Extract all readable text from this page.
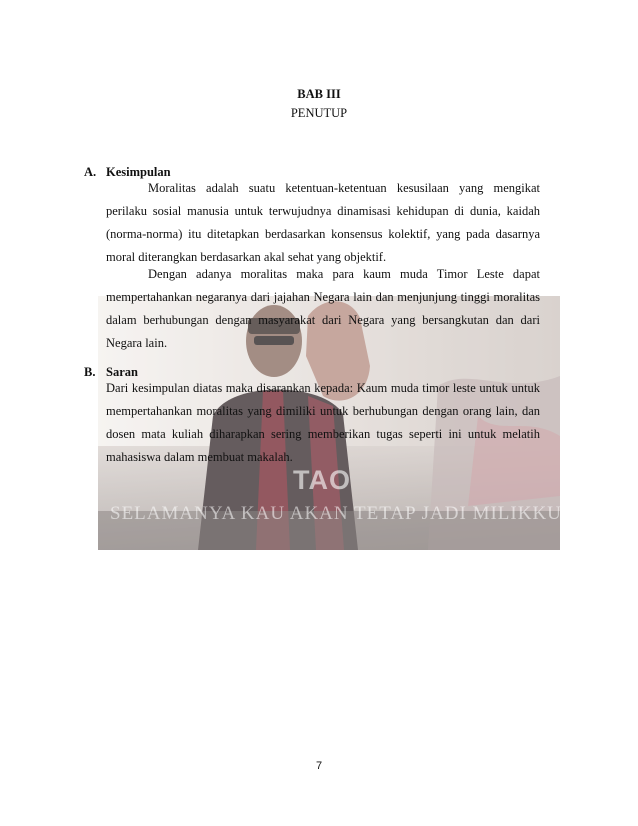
TAO
SELAMANYA KAU AKAN TETAP JADI MILIKKU
BAB III
PENUTUP
A. Kesimpulan
Moralitas adalah suatu ketentuan-ketentuan kesusilaan yang mengikat perilaku sosial manusia untuk terwujudnya dinamisasi kehidupan di dunia, kaidah (norma-norma) itu ditetapkan berdasarkan konsensus kolektif, yang pada dasarnya moral diterangkan berdasarkan akal sehat yang objektif.
Dengan adanya moralitas maka para kaum muda Timor Leste dapat mempertahankan negaranya dari jajahan Negara lain dan menjunjung tinggi moralitas dalam berhubungan dengan masyarakat dari Negara yang bersangkutan dan dari Negara lain.
B. Saran
Dari kesimpulan diatas maka disarankan kepada: Kaum muda timor leste untuk untuk mempertahankan moralitas yang dimiliki untuk berhubungan dengan orang lain, dan dosen mata kuliah diharapkan sering memberikan tugas seperti ini untuk melatih mahasiswa dalam membuat makalah.
7
